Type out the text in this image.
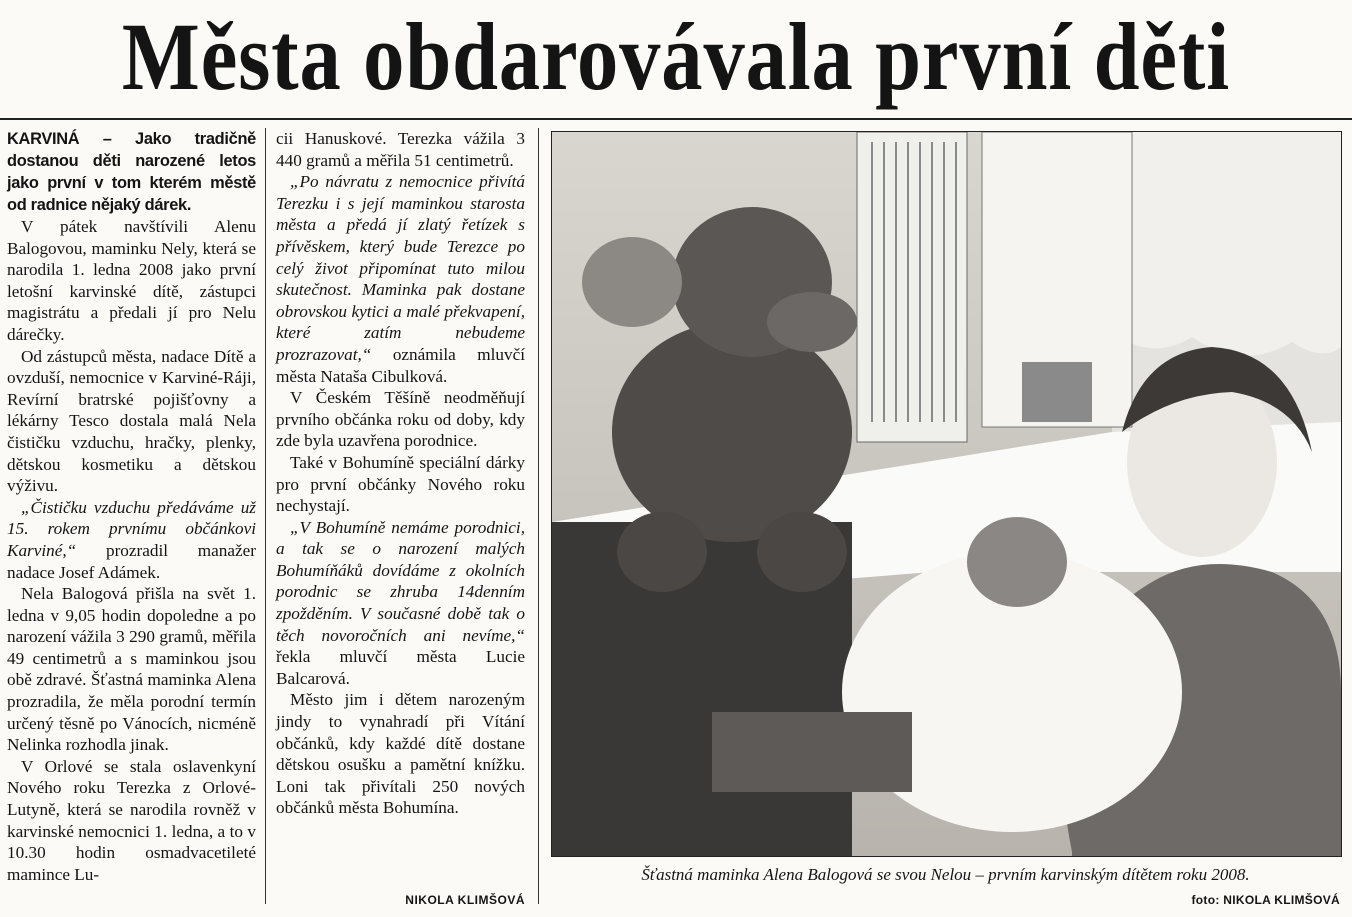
Města obdarovávala první děti

KARVINÁ – Jako tradičně dostanou děti narozené letos jako první v tom kterém městě od radnice nějaký dárek.

V pátek navštívili Alenu Balogovou, maminku Nely, která se narodila 1. ledna 2008 jako první letošní karvinské dítě, zástupci magistrátu a předali jí pro Nelu dárečky.

Od zástupců města, nadace Dítě a ovzduší, nemocnice v Karviné-Ráji, Revírní bratrské pojišťovny a lékárny Tesco dostala malá Nela čističku vzduchu, hračky, plenky, dětskou kosmetiku a dětskou výživu.

„Čističku vzduchu předáváme už 15. rokem prvnímu občánkovi Karviné,“ prozradil manažer nadace Josef Adámek.

Nela Balogová přišla na svět 1. ledna v 9,05 hodin dopoledne a po narození vážila 3 290 gramů, měřila 49 centimetrů a s maminkou jsou obě zdravé. Šťastná maminka Alena prozradila, že měla porodní termín určený těsně po Vánocích, nicméně Nelinka rozhodla jinak.

V Orlové se stala oslavenkyní Nového roku Terezka z Orlové-Lutyně, která se narodila rovněž v karvinské nemocnici 1. ledna, a to v 10.30 hodin osmadvacetileté mamince Lu-

cii Hanuskové. Terezka vážila 3 440 gramů a měřila 51 centimetrů.

„Po návratu z nemocnice přivítá Terezku i s její maminkou starosta města a předá jí zlatý řetízek s přívěskem, který bude Terezce po celý život připomínat tuto milou skutečnost. Maminka pak dostane obrovskou kytici a malé překvapení, které zatím nebudeme prozrazovat,“ oznámila mluvčí města Nataša Cibulková.

V Českém Těšíně neodměňují prvního občánka roku od doby, kdy zde byla uzavřena porodnice.

Také v Bohumíně speciální dárky pro první občánky Nového roku nechystají.

„V Bohumíně nemáme porodnici, a tak se o narození malých Bohumíňáků dovídáme z okolních porodnic se zhruba 14denním zpožděním. V současné době tak o těch novoročních ani nevíme,“ řekla mluvčí města Lucie Balcarová.

Město jim i dětem narozeným jindy to vynahradí při Vítání občánků, kdy každé dítě dostane dětskou osušku a pamětní knížku. Loni tak přivítali 250 nových občánků města Bohumína.

NIKOLA KLIMŠOVÁ
Šťastná maminka Alena Balogová se svou Nelou – prvním karvinským dítětem roku 2008.
foto: NIKOLA KLIMŠOVÁ
